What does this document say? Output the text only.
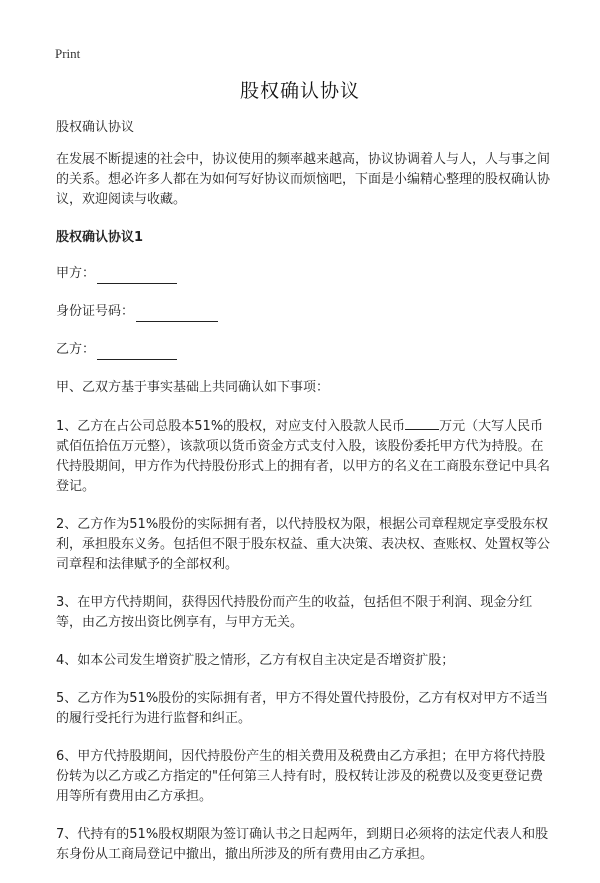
Print
股权确认协议
股权确认协议
在发展不断提速的社会中，协议使用的频率越来越高，协议协调着人与人，人与事之间的关系。想必许多人都在为如何写好协议而烦恼吧，下面是小编精心整理的股权确认协议，欢迎阅读与收藏。
股权确认协议1
甲方：
身份证号码：
乙方：
甲、乙双方基于事实基础上共同确认如下事项：
1、乙方在占公司总股本51%的股权，对应支付入股款人民币	万元（大写人民币贰佰伍拾伍万元整），该款项以货币资金方式支付入股，该股份委托甲方代为持股。在代持股期间，甲方作为代持股份形式上的拥有者，以甲方的名义在工商股东登记中具名登记。
2、乙方作为51%股份的实际拥有者，以代持股权为限，根据公司章程规定享受股东权利，承担股东义务。包括但不限于股东权益、重大决策、表决权、查账权、处置权等公司章程和法律赋予的全部权利。
3、在甲方代持期间，获得因代持股份而产生的收益，包括但不限于利润、现金分红等，由乙方按出资比例享有，与甲方无关。
4、如本公司发生增资扩股之情形，乙方有权自主决定是否增资扩股；
5、乙方作为51%股份的实际拥有者，甲方不得处置代持股份，乙方有权对甲方不适当的履行受托行为进行监督和纠正。
6、甲方代持股期间，因代持股份产生的相关费用及税费由乙方承担；在甲方将代持股份转为以乙方或乙方指定的"任何第三人持有时，股权转让涉及的税费以及变更登记费用等所有费用由乙方承担。
7、代持有的51%股权期限为签订确认书之日起两年，到期日必须将的法定代表人和股东身份从工商局登记中撤出，撤出所涉及的所有费用由乙方承担。
